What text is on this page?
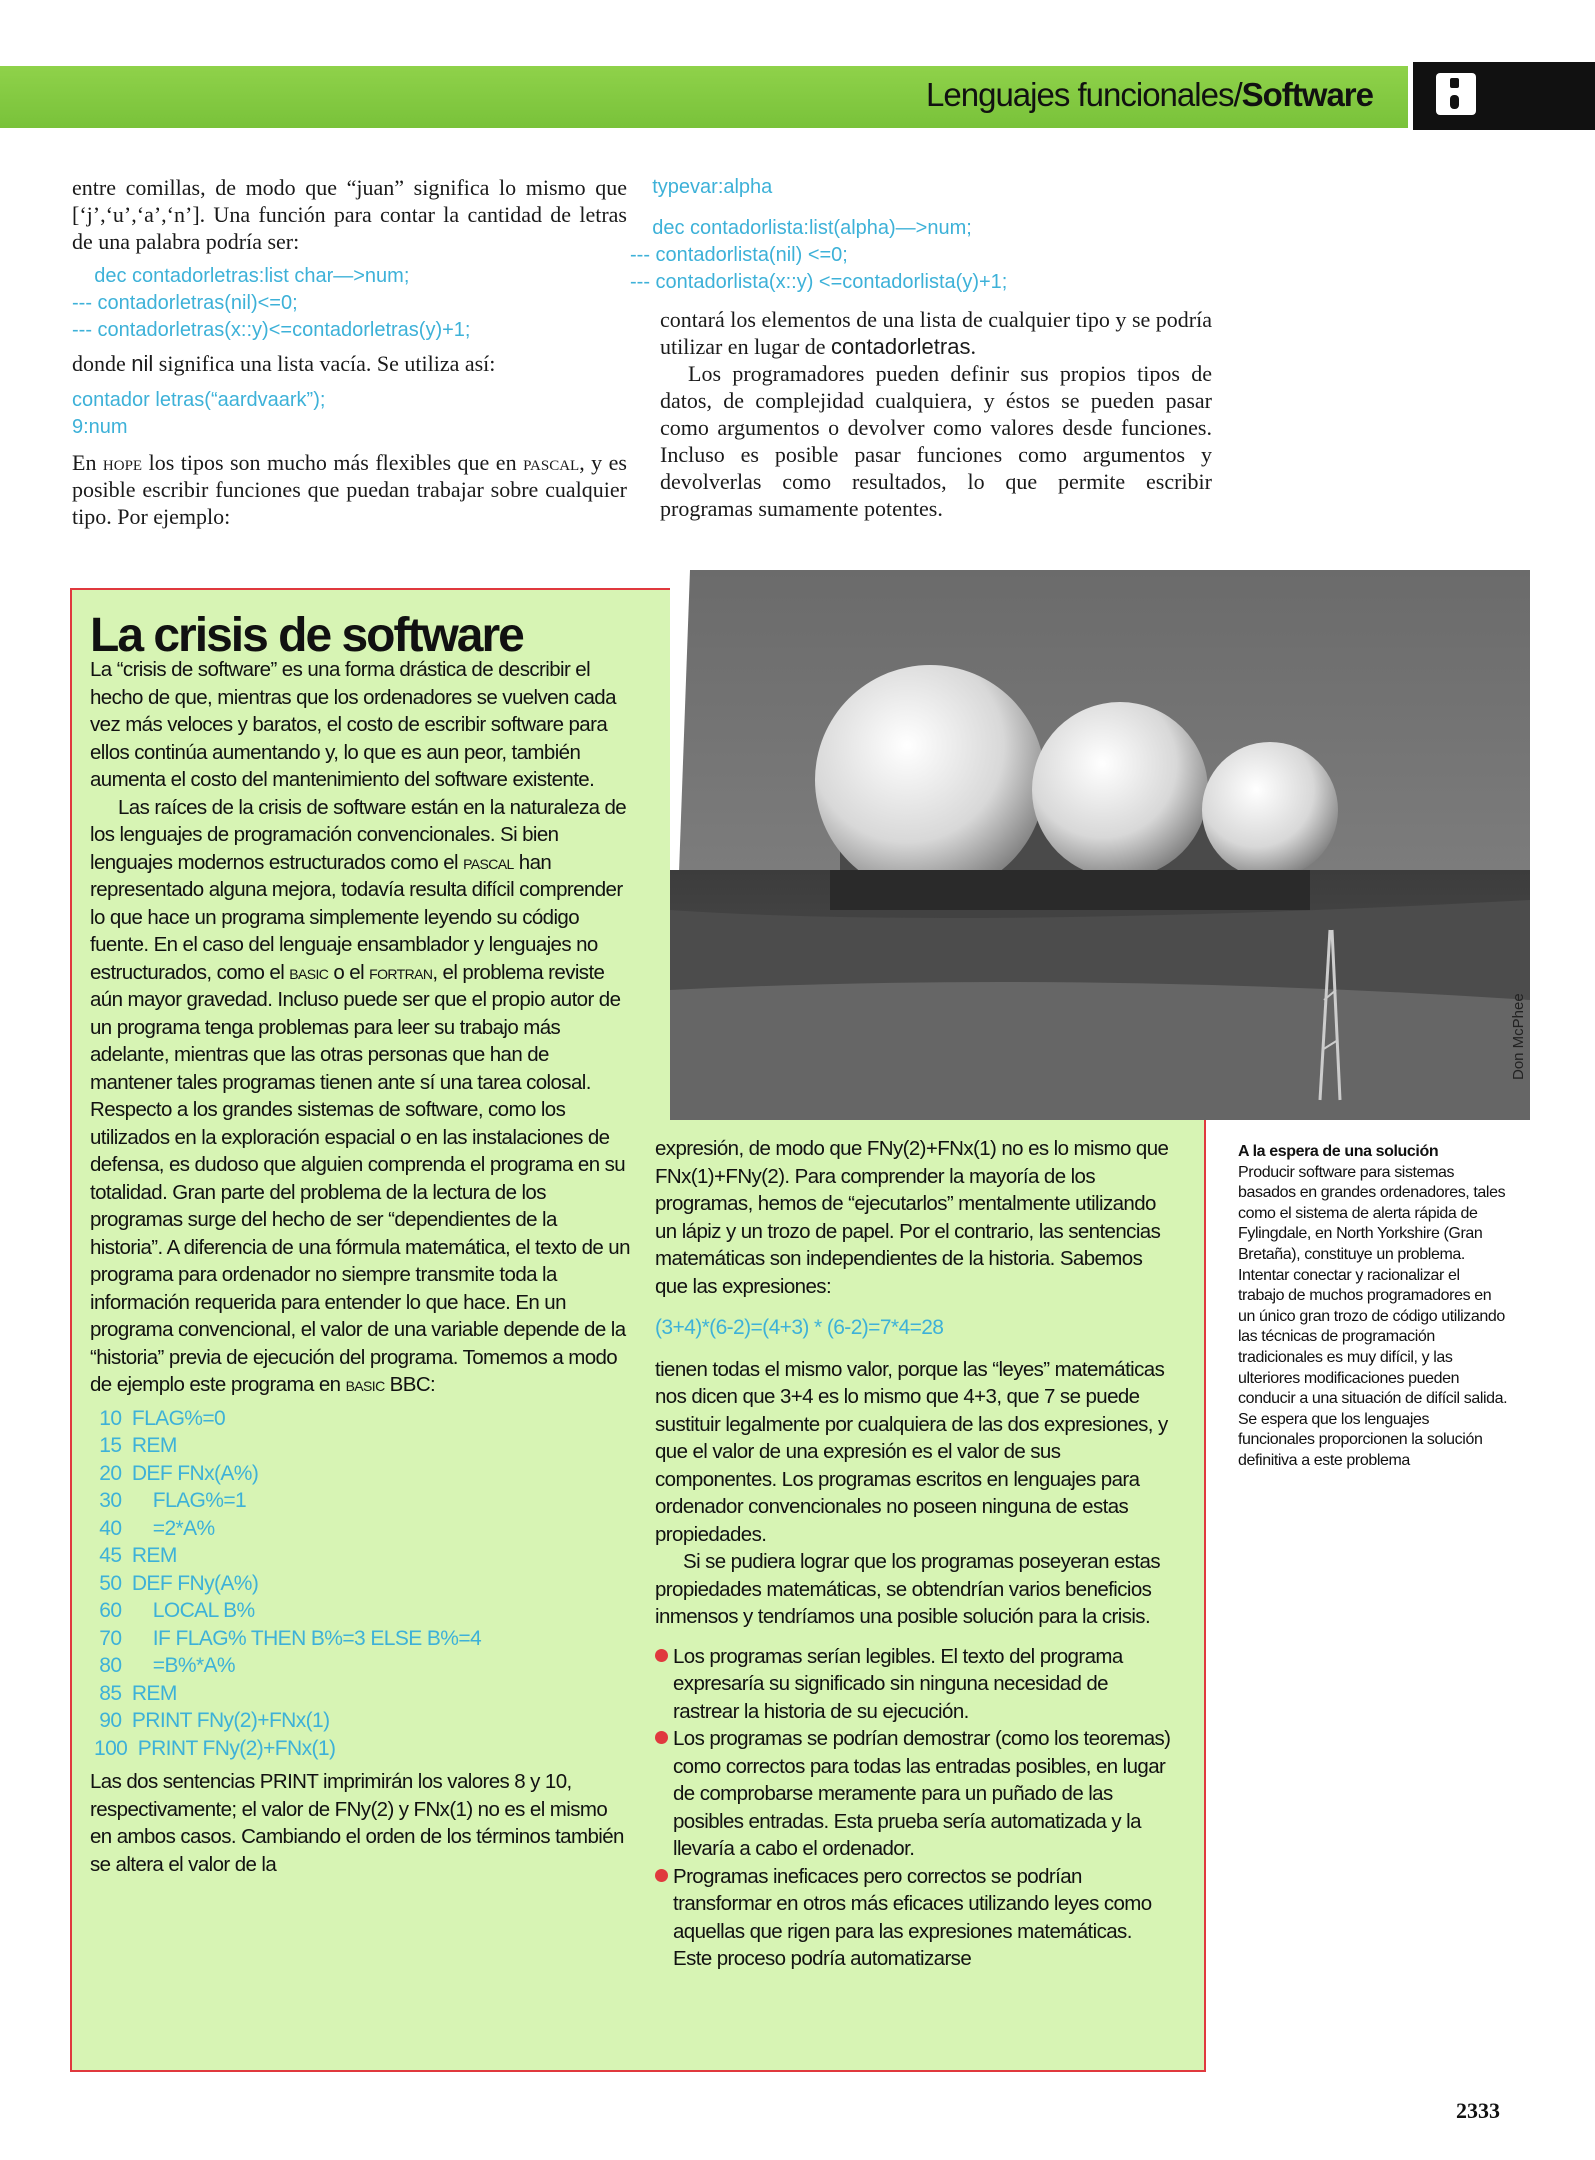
Lenguajes funcionales/Software

entre comillas, de modo que “juan” significa lo mismo que [‘j’,‘u’,‘a’,‘n’]. Una función para contar la cantidad de letras de una palabra podría ser:

dec contadorletras:list char—>num;
--- contadorletras(nil)<=0;
--- contadorletras(x::y)<=contadorletras(y)+1;

donde nil significa una lista vacía. Se utiliza así:

contador letras(“aardvaark”);
9:num

En hope los tipos son mucho más flexibles que en pascal, y es posible escribir funciones que puedan trabajar sobre cualquier tipo. Por ejemplo:

typevar:alpha
dec contadorlista:list(alpha)—>num;
--- contadorlista(nil) <=0;
--- contadorlista(x::y) <=contadorlista(y)+1;

contará los elementos de una lista de cualquier tipo y se podría utilizar en lugar de contadorletras.

Los programadores pueden definir sus propios tipos de datos, de complejidad cualquiera, y éstos se pueden pasar como argumentos o devolver como valores desde funciones. Incluso es posible pasar funciones como argumentos y devolverlas como resultados, lo que permite escribir programas sumamente potentes.

La crisis de software

La “crisis de software” es una forma drástica de describir el hecho de que, mientras que los ordenadores se vuelven cada vez más veloces y baratos, el costo de escribir software para ellos continúa aumentando y, lo que es aun peor, también aumenta el costo del mantenimiento del software existente.

Las raíces de la crisis de software están en la naturaleza de los lenguajes de programación convencionales. Si bien lenguajes modernos estructurados como el pascal han representado alguna mejora, todavía resulta difícil comprender lo que hace un programa simplemente leyendo su código fuente. En el caso del lenguaje ensamblador y lenguajes no estructurados, como el basic o el fortran, el problema reviste aún mayor gravedad. Incluso puede ser que el propio autor de un programa tenga problemas para leer su trabajo más adelante, mientras que las otras personas que han de mantener tales programas tienen ante sí una tarea colosal. Respecto a los grandes sistemas de software, como los utilizados en la exploración espacial o en las instalaciones de defensa, es dudoso que alguien comprenda el programa en su totalidad. Gran parte del problema de la lectura de los programas surge del hecho de ser “dependientes de la historia”. A diferencia de una fórmula matemática, el texto de un programa para ordenador no siempre transmite toda la información requerida para entender lo que hace. En un programa convencional, el valor de una variable depende de la “historia” previa de ejecución del programa. Tomemos a modo de ejemplo este programa en basic BBC:

10  FLAG%=0
15  REM
20  DEF FNx(A%)
30      FLAG%=1
40      =2*A%
45  REM
50  DEF FNy(A%)
60      LOCAL B%
70      IF FLAG% THEN B%=3 ELSE B%=4
80      =B%*A%
85  REM
90  PRINT FNy(2)+FNx(1)
100  PRINT FNy(2)+FNx(1)

Las dos sentencias PRINT imprimirán los valores 8 y 10, respectivamente; el valor de FNy(2) y FNx(1) no es el mismo en ambos casos. Cambiando el orden de los términos también se altera el valor de la

expresión, de modo que FNy(2)+FNx(1) no es lo mismo que FNx(1)+FNy(2). Para comprender la mayoría de los programas, hemos de “ejecutarlos” mentalmente utilizando un lápiz y un trozo de papel. Por el contrario, las sentencias matemáticas son independientes de la historia. Sabemos que las expresiones:

(3+4)*(6-2)=(4+3) * (6-2)=7*4=28

tienen todas el mismo valor, porque las “leyes” matemáticas nos dicen que 3+4 es lo mismo que 4+3, que 7 se puede sustituir legalmente por cualquiera de las dos expresiones, y que el valor de una expresión es el valor de sus componentes. Los programas escritos en lenguajes para ordenador convencionales no poseen ninguna de estas propiedades.

Si se pudiera lograr que los programas poseyeran estas propiedades matemáticas, se obtendrían varios beneficios inmensos y tendríamos una posible solución para la crisis.

Los programas serían legibles. El texto del programa expresaría su significado sin ninguna necesidad de rastrear la historia de su ejecución.

Los programas se podrían demostrar (como los teoremas) como correctos para todas las entradas posibles, en lugar de comprobarse meramente para un puñado de las posibles entradas. Esta prueba sería automatizada y la llevaría a cabo el ordenador.

Programas ineficaces pero correctos se podrían transformar en otros más eficaces utilizando leyes como aquellas que rigen para las expresiones matemáticas. Este proceso podría automatizarse

A la espera de una solución

Producir software para sistemas basados en grandes ordenadores, tales como el sistema de alerta rápida de Fylingdale, en North Yorkshire (Gran Bretaña), constituye un problema. Intentar conectar y racionalizar el trabajo de muchos programadores en un único gran trozo de código utilizando las técnicas de programación tradicionales es muy difícil, y las ulteriores modificaciones pueden conducir a una situación de difícil salida. Se espera que los lenguajes funcionales proporcionen la solución definitiva a este problema

2333
